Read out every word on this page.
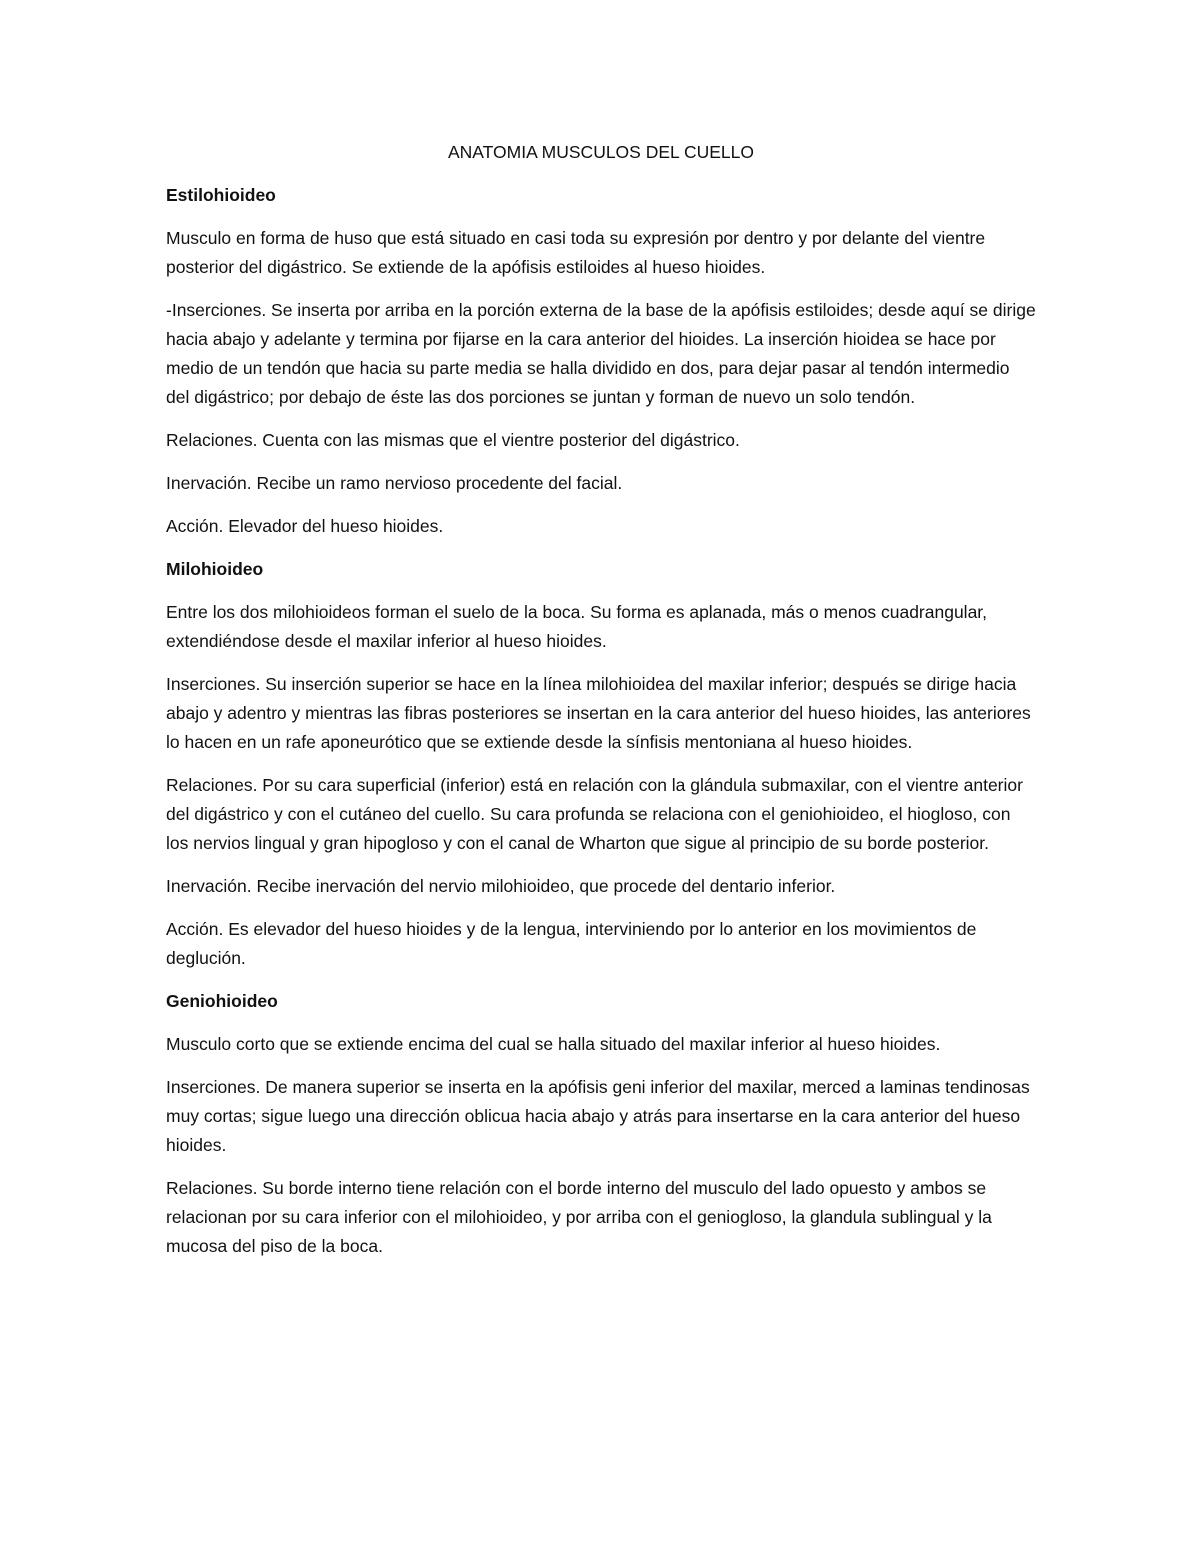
ANATOMIA MUSCULOS DEL CUELLO
Estilohioideo

Musculo en forma de huso que está situado en casi toda su expresión por dentro y por delante del vientre posterior del digástrico. Se extiende de la apófisis estiloides al hueso hioides.

-Inserciones. Se inserta por arriba en la porción externa de la base de la apófisis estiloides; desde aquí se dirige hacia abajo y adelante y termina por fijarse en la cara anterior del hioides. La inserción hioidea se hace por medio de un tendón que hacia su parte media se halla dividido en dos, para dejar pasar al tendón intermedio del digástrico; por debajo de éste las dos porciones se juntan y forman de nuevo un solo tendón.

Relaciones. Cuenta con las mismas que el vientre posterior del digástrico.

Inervación. Recibe un ramo nervioso procedente del facial.

Acción. Elevador del hueso hioides.

Milohioideo

Entre los dos milohioideos forman el suelo de la boca. Su forma es aplanada, más o menos cuadrangular, extendiéndose desde el maxilar inferior al hueso hioides.

Inserciones. Su inserción superior se hace en la línea milohioidea del maxilar inferior; después se dirige hacia abajo y adentro y mientras las fibras posteriores se insertan en la cara anterior del hueso hioides, las anteriores lo hacen en un rafe aponeurótico que se extiende desde la sínfisis mentoniana al hueso hioides.

Relaciones. Por su cara superficial (inferior) está en relación con la glándula submaxilar, con el vientre anterior del digástrico y con el cutáneo del cuello. Su cara profunda se relaciona con el geniohioideo, el hiogloso, con los nervios lingual y gran hipogloso y con el canal de Wharton que sigue al principio de su borde posterior.

Inervación. Recibe inervación del nervio milohioideo, que procede del dentario inferior.

Acción. Es elevador del hueso hioides y de la lengua, interviniendo por lo anterior en los movimientos de deglución.

Geniohioideo

Musculo corto que se extiende encima del cual se halla situado del maxilar inferior al hueso hioides.

Inserciones. De manera superior se inserta en la apófisis geni inferior del maxilar, merced a laminas tendinosas muy cortas; sigue luego una dirección oblicua hacia abajo y atrás para insertarse en la cara anterior del hueso hioides.

Relaciones. Su borde interno tiene relación con el borde interno del musculo del lado opuesto y ambos se relacionan por su cara inferior con el milohioideo, y por arriba con el geniogloso, la glandula sublingual y la mucosa del piso de la boca.
